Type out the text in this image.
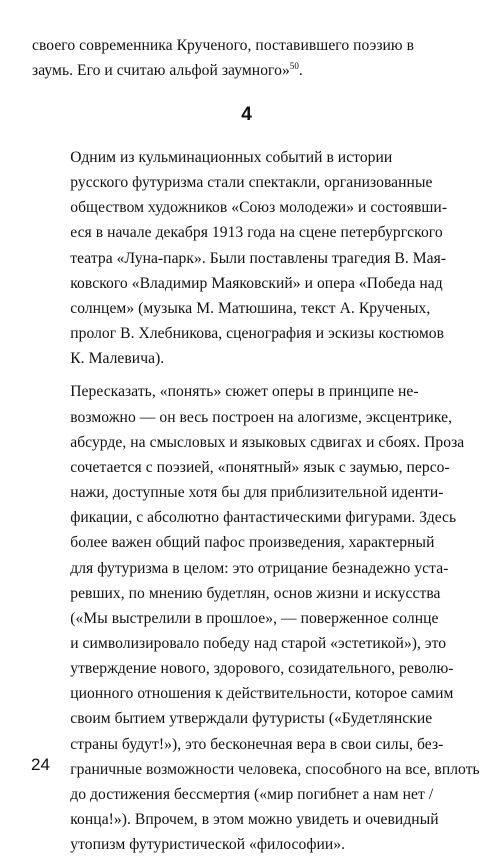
своего современника Крученого, поставившего поэзию в
заумь. Его и считаю альфой заумного»$^{50}$.

4

Одним из кульминационных событий в истории
русского футуризма стали спектакли, организованные
обществом художников «Союз молодежи» и состоявши-
еся в начале декабря 1913 года на сцене петербургского
театра «Луна-парк». Были поставлены трагедия В. Мая-
ковского «Владимир Маяковский» и опера «Победа над
солнцем» (музыка М. Матюшина, текст А. Крученых,
пролог В. Хлебникова, сценография и эскизы костюмов
К. Малевича).

Пересказать, «понять» сюжет оперы в принципе не-
возможно — он весь построен на алогизме, эксцентрике,
абсурде, на смысловых и языковых сдвигах и сбоях. Проза
сочетается с поэзией, «понятный» язык с заумью, персо-
нажи, доступные хотя бы для приблизительной иденти-
фикации, с абсолютно фантастическими фигурами. Здесь
более важен общий пафос произведения, характерный
для футуризма в целом: это отрицание безнадежно уста-
ревших, по мнению будетлян, основ жизни и искусства
(«Мы выстрелили в прошлое», — поверженное солнце
и символизировало победу над старой «эстетикой»), это
утверждение нового, здорового, созидательного, револю-
ционного отношения к действительности, которое самим
своим бытием утверждали футуристы («Будетлянские
страны будут!»), это бесконечная вера в свои силы, без-
граничные возможности человека, способного на все, вплоть
до достижения бессмертия («мир погибнет а нам нет /
конца!»). Впрочем, в этом можно увидеть и очевидный
утопизм футуристической «философии».

24
